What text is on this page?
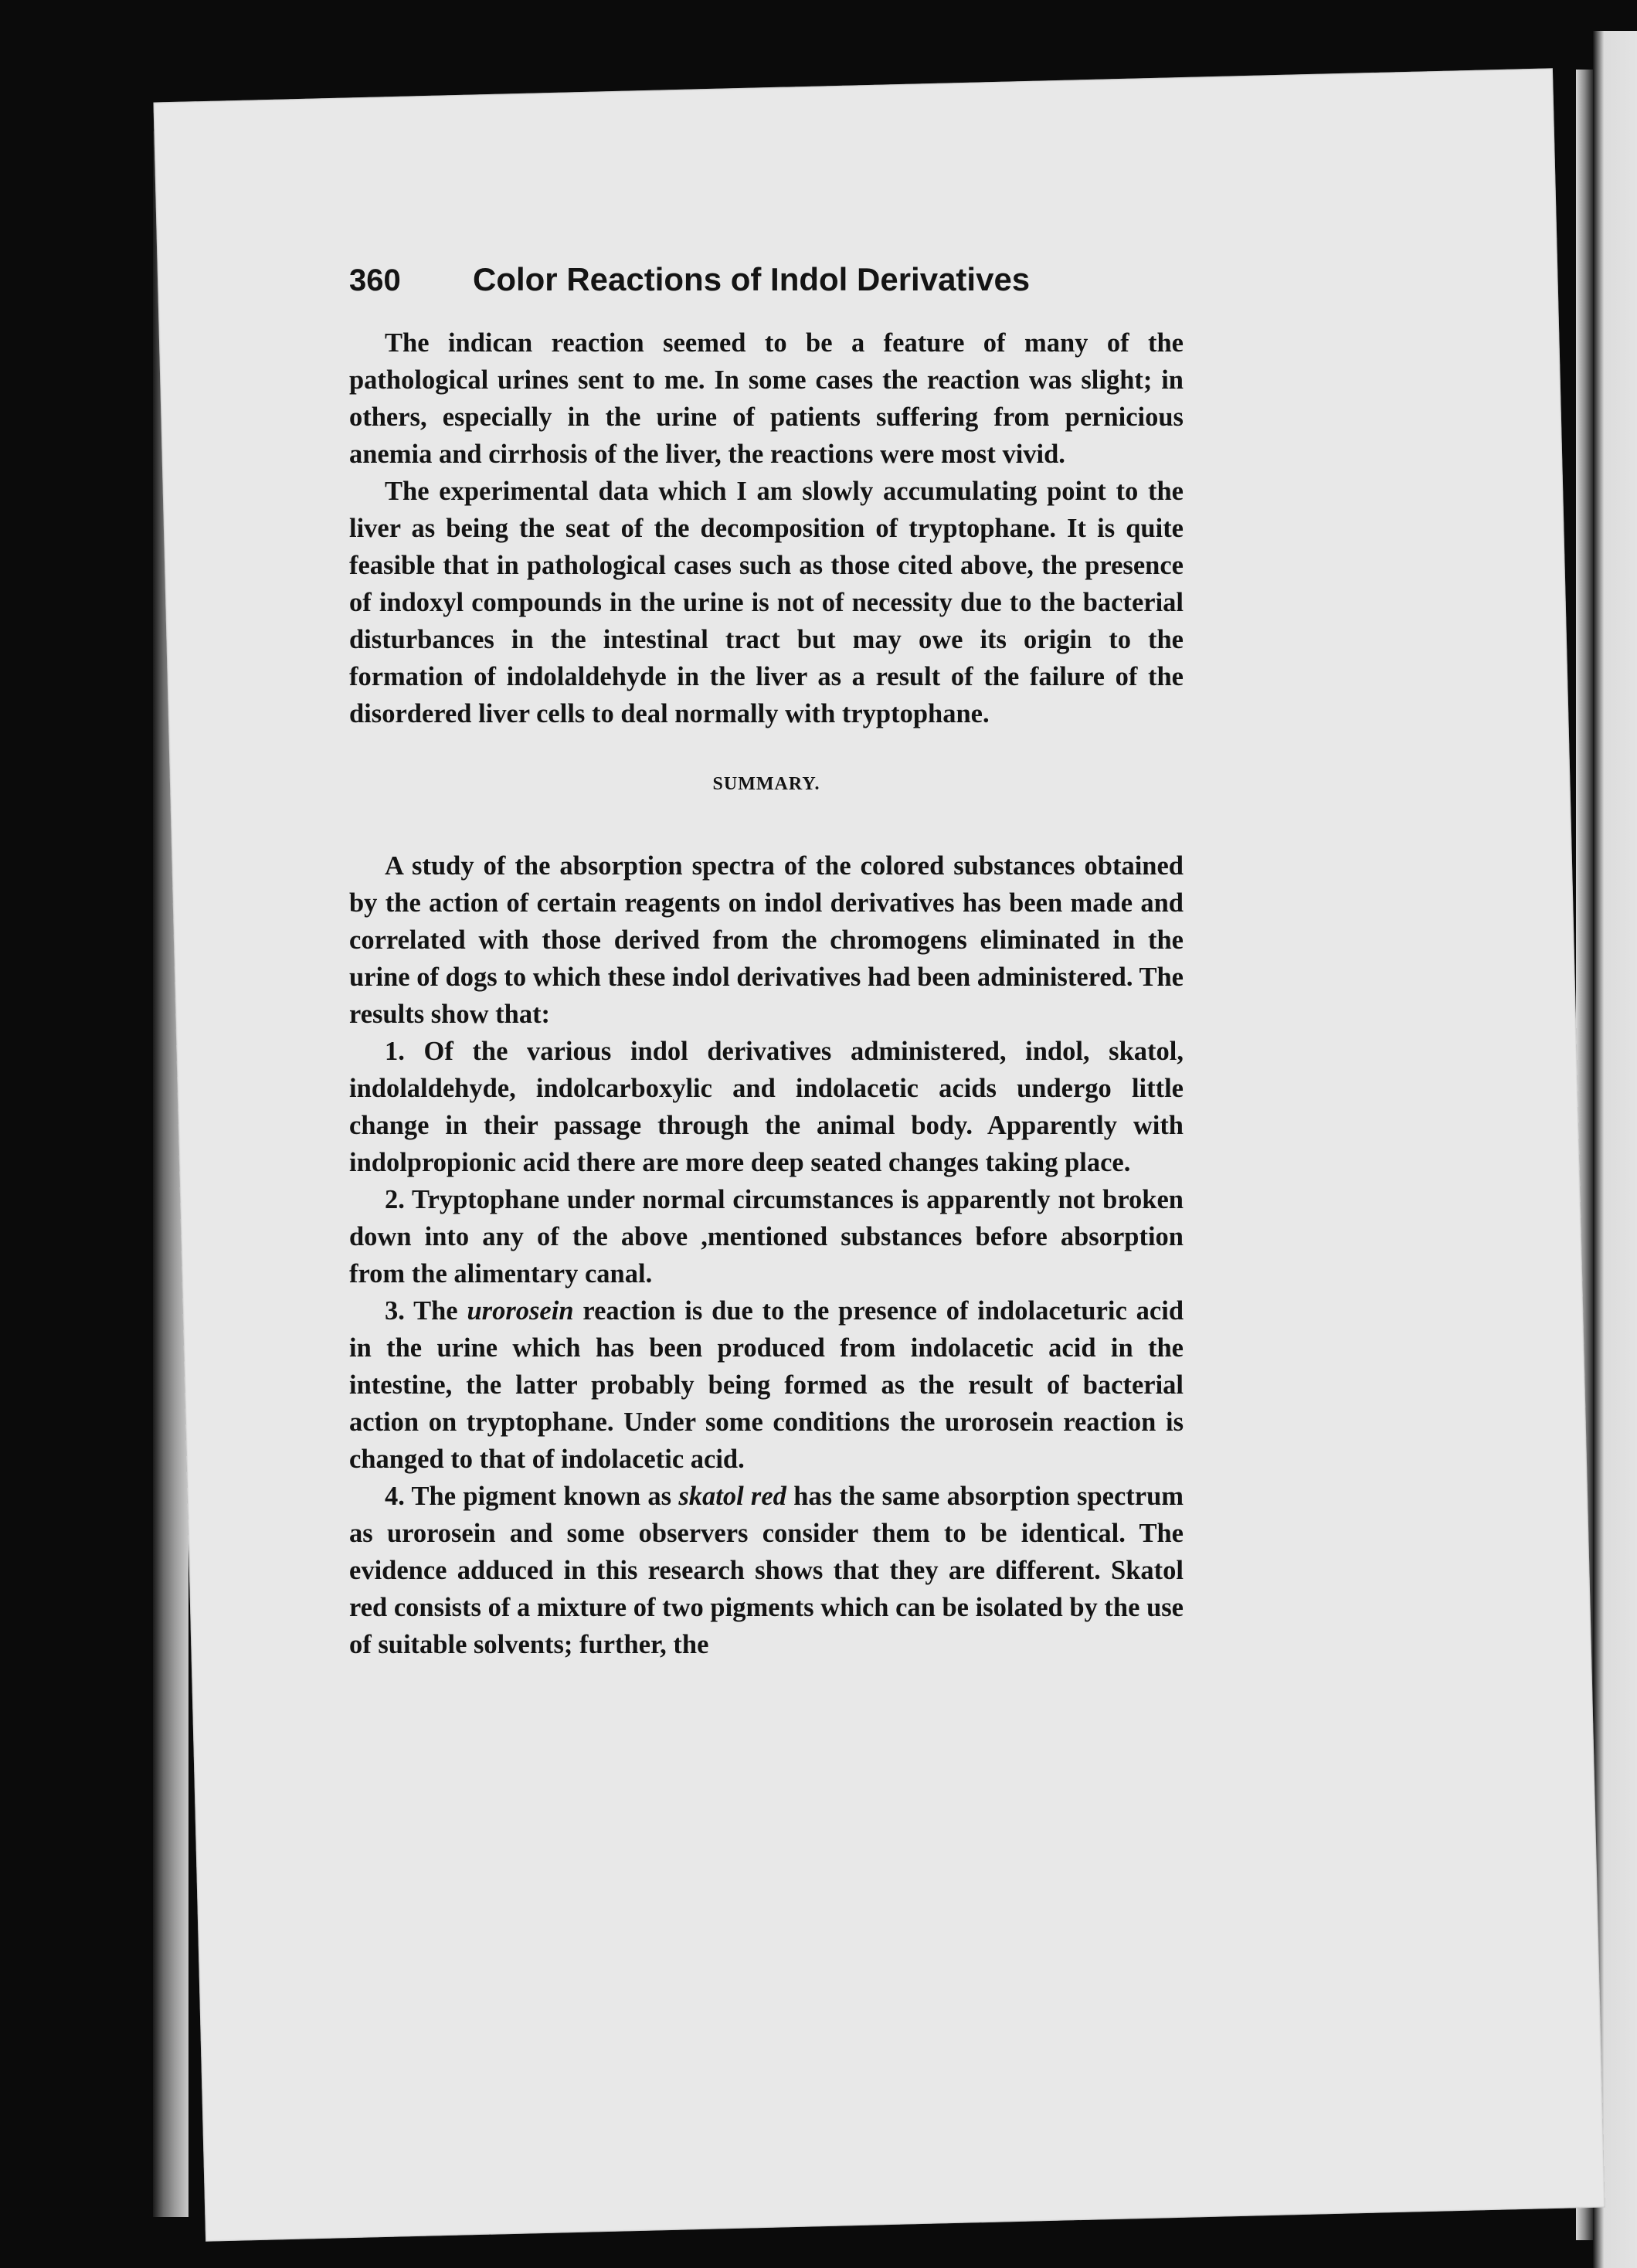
360	Color Reactions of Indol Derivatives

The indican reaction seemed to be a feature of many of the pathological urines sent to me. In some cases the reaction was slight; in others, especially in the urine of patients suffering from pernicious anemia and cirrhosis of the liver, the reactions were most vivid.

The experimental data which I am slowly accumulating point to the liver as being the seat of the decomposition of tryptophane. It is quite feasible that in pathological cases such as those cited above, the presence of indoxyl compounds in the urine is not of necessity due to the bacterial disturbances in the intestinal tract but may owe its origin to the formation of indolaldehyde in the liver as a result of the failure of the disordered liver cells to deal normally with tryptophane.

SUMMARY.

A study of the absorption spectra of the colored substances obtained by the action of certain reagents on indol derivatives has been made and correlated with those derived from the chromogens eliminated in the urine of dogs to which these indol derivatives had been administered. The results show that:

1. Of the various indol derivatives administered, indol, skatol, indolaldehyde, indolcarboxylic and indolacetic acids undergo little change in their passage through the animal body. Apparently with indolpropionic acid there are more deep seated changes taking place.

2. Tryptophane under normal circumstances is apparently not broken down into any of the above ,mentioned substances before absorption from the alimentary canal.

3. The urorosein reaction is due to the presence of indolaceturic acid in the urine which has been produced from indolacetic acid in the intestine, the latter probably being formed as the result of bacterial action on tryptophane. Under some conditions the urorosein reaction is changed to that of indolacetic acid.

4. The pigment known as skatol red has the same absorption spectrum as urorosein and some observers consider them to be identical. The evidence adduced in this research shows that they are different. Skatol red consists of a mixture of two pigments which can be isolated by the use of suitable solvents; further, the
